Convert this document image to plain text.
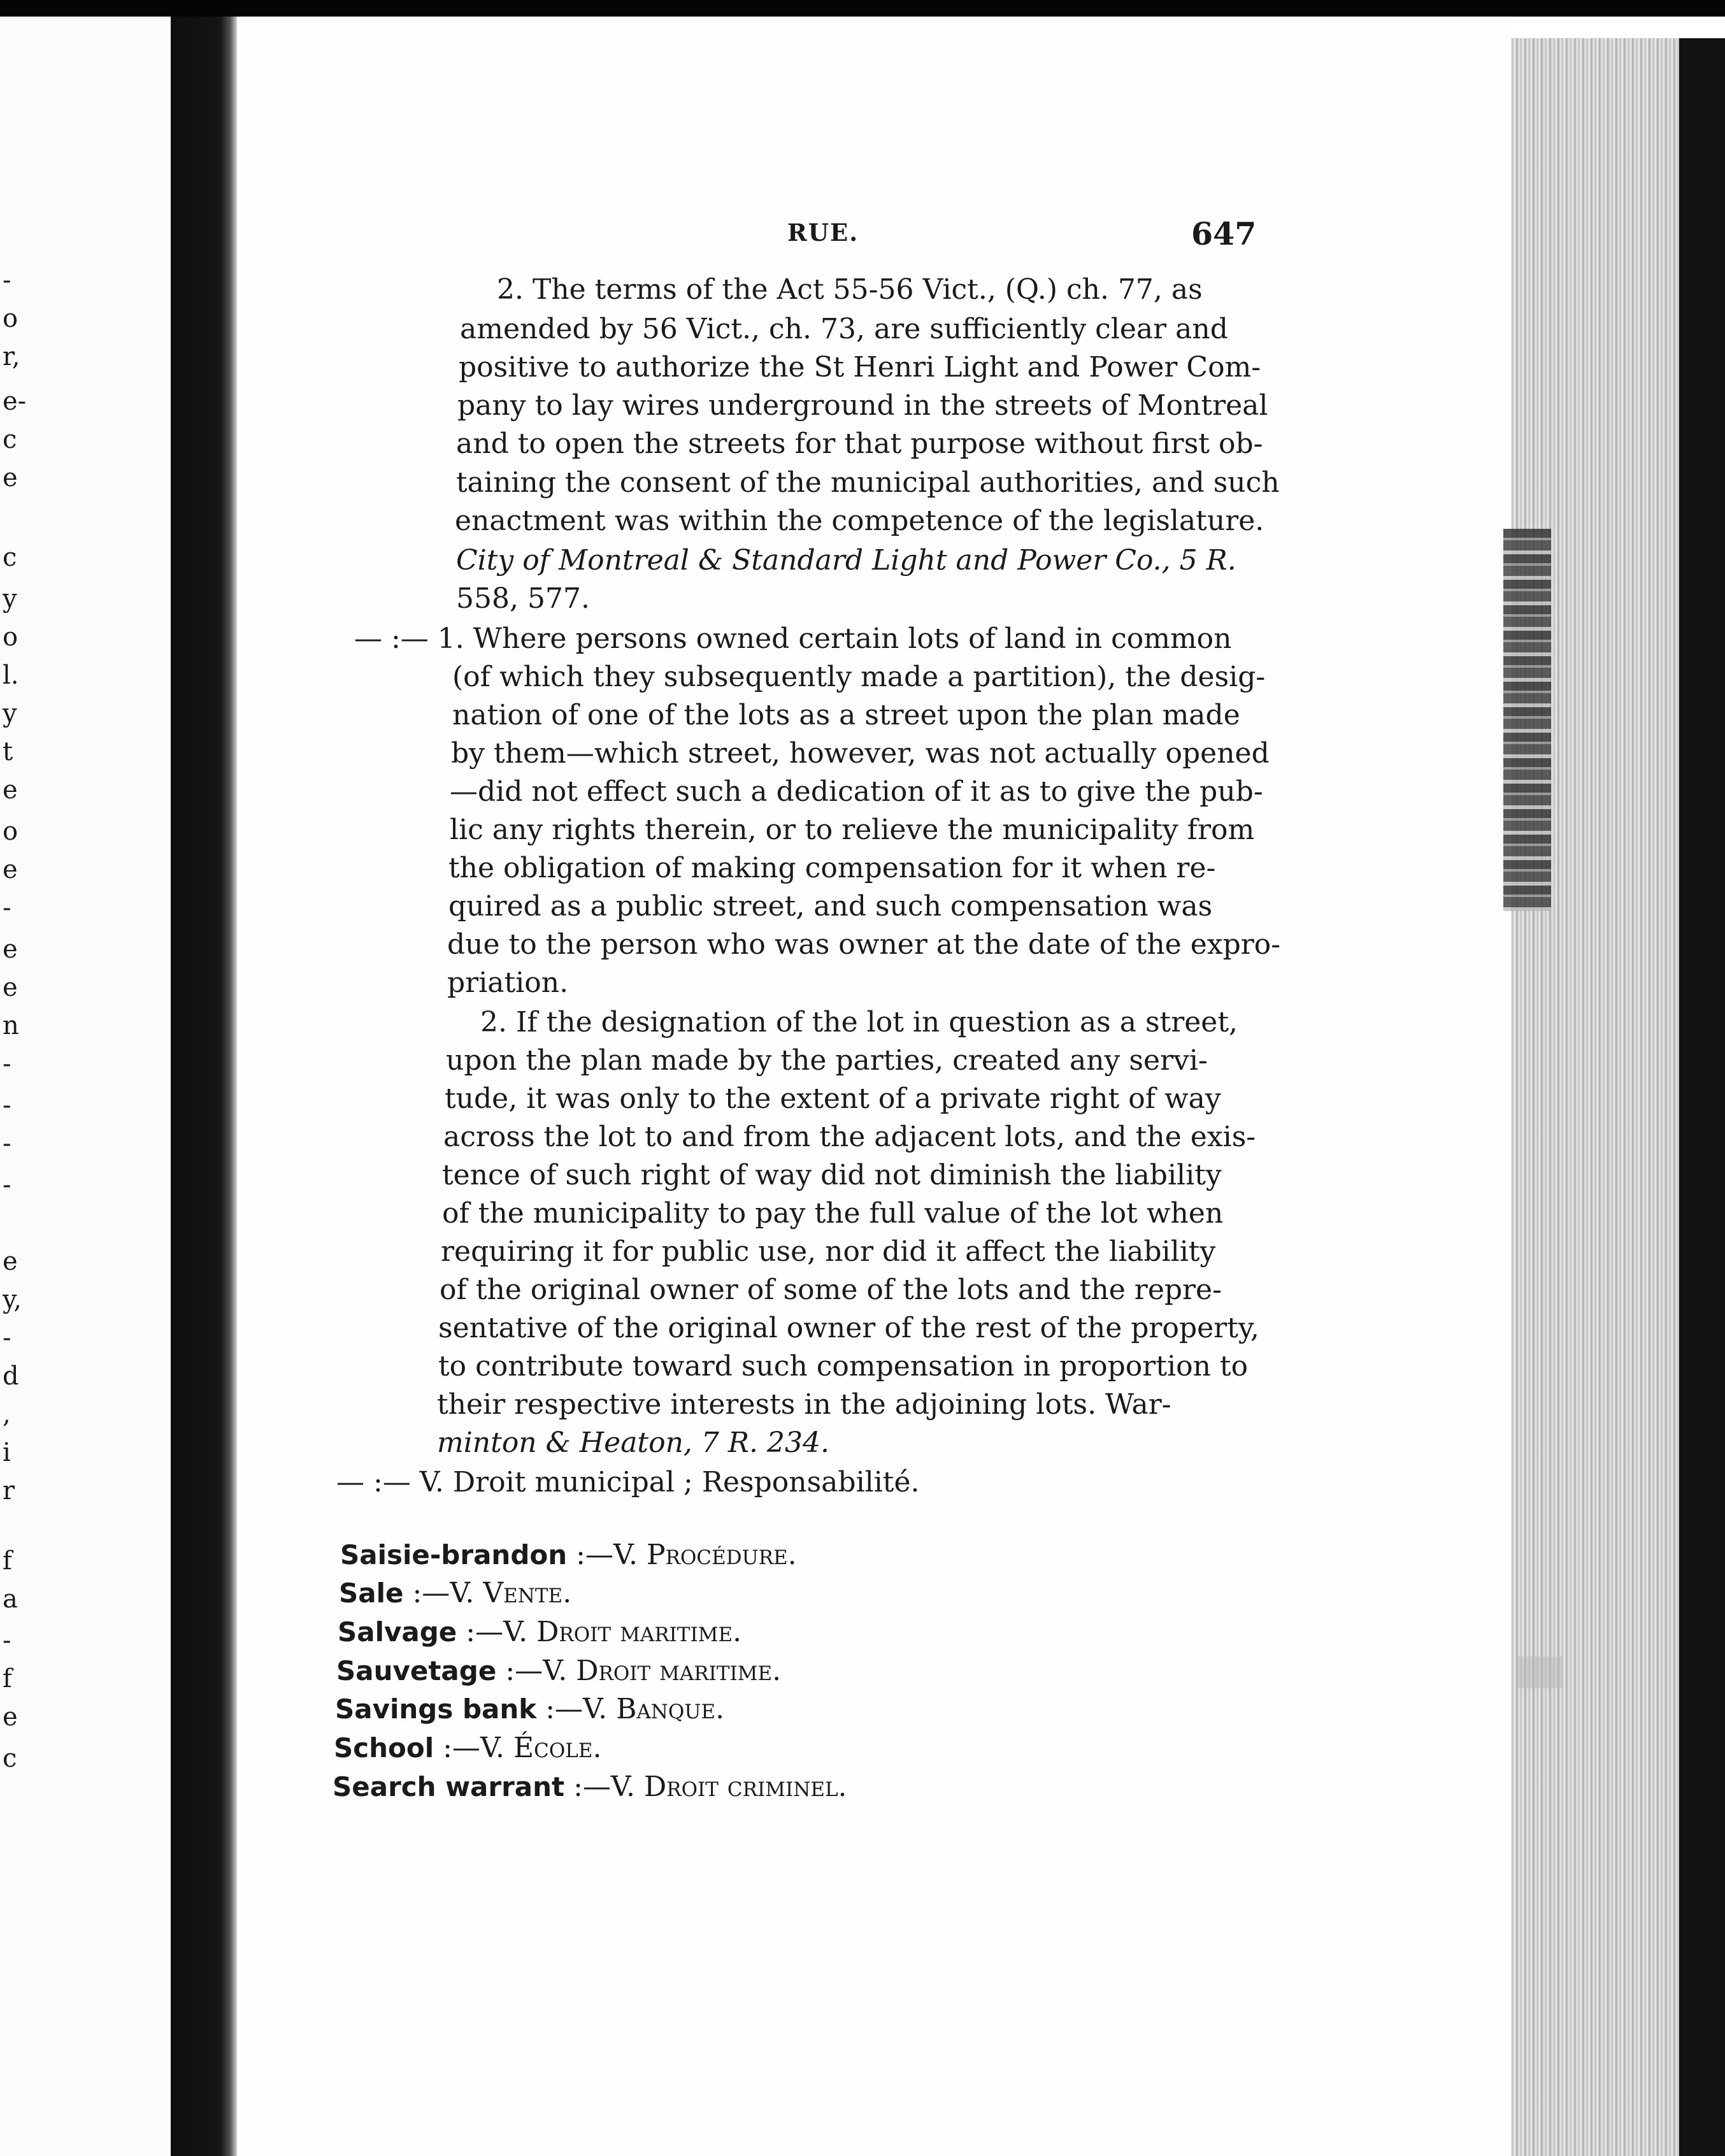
-
o
r,
e-
c
e
c
y
o
l.
y
t
e
o
e
-
e
e
n
-
-
-
-
e
y,
-
d
,
i
r
f
a
-
f
e
c
RUE.	647
2. The terms of the Act 55-56 Vict., (Q.) ch. 77, as
amended by 56 Vict., ch. 73, are sufficiently clear and
positive to authorize the St Henri Light and Power Com-
pany to lay wires underground in the streets of Montreal
and to open the streets for that purpose without first ob-
taining the consent of the municipal authorities, and such
enactment was within the competence of the legislature.
City of Montreal & Standard Light and Power Co., 5 R.
558, 577.
— :— 1. Where persons owned certain lots of land in common
(of which they subsequently made a partition), the desig-
nation of one of the lots as a street upon the plan made
by them—which street, however, was not actually opened
—did not effect such a dedication of it as to give the pub-
lic any rights therein, or to relieve the municipality from
the obligation of making compensation for it when re-
quired as a public street, and such compensation was
due to the person who was owner at the date of the expro-
priation.
2. If the designation of the lot in question as a street,
upon the plan made by the parties, created any servi-
tude, it was only to the extent of a private right of way
across the lot to and from the adjacent lots, and the exis-
tence of such right of way did not diminish the liability
of the municipality to pay the full value of the lot when
requiring it for public use, nor did it affect the liability
of the original owner of some of the lots and the repre-
sentative of the original owner of the rest of the property,
to contribute toward such compensation in proportion to
their respective interests in the adjoining lots. War-
minton & Heaton, 7 R. 234.
— :— V. Droit municipal ; Responsabilité.
Saisie-brandon :—V. Procédure.
Sale :—V. Vente.
Salvage :—V. Droit maritime.
Sauvetage :—V. Droit maritime.
Savings bank :—V. Banque.
School :—V. École.
Search warrant :—V. Droit criminel.
